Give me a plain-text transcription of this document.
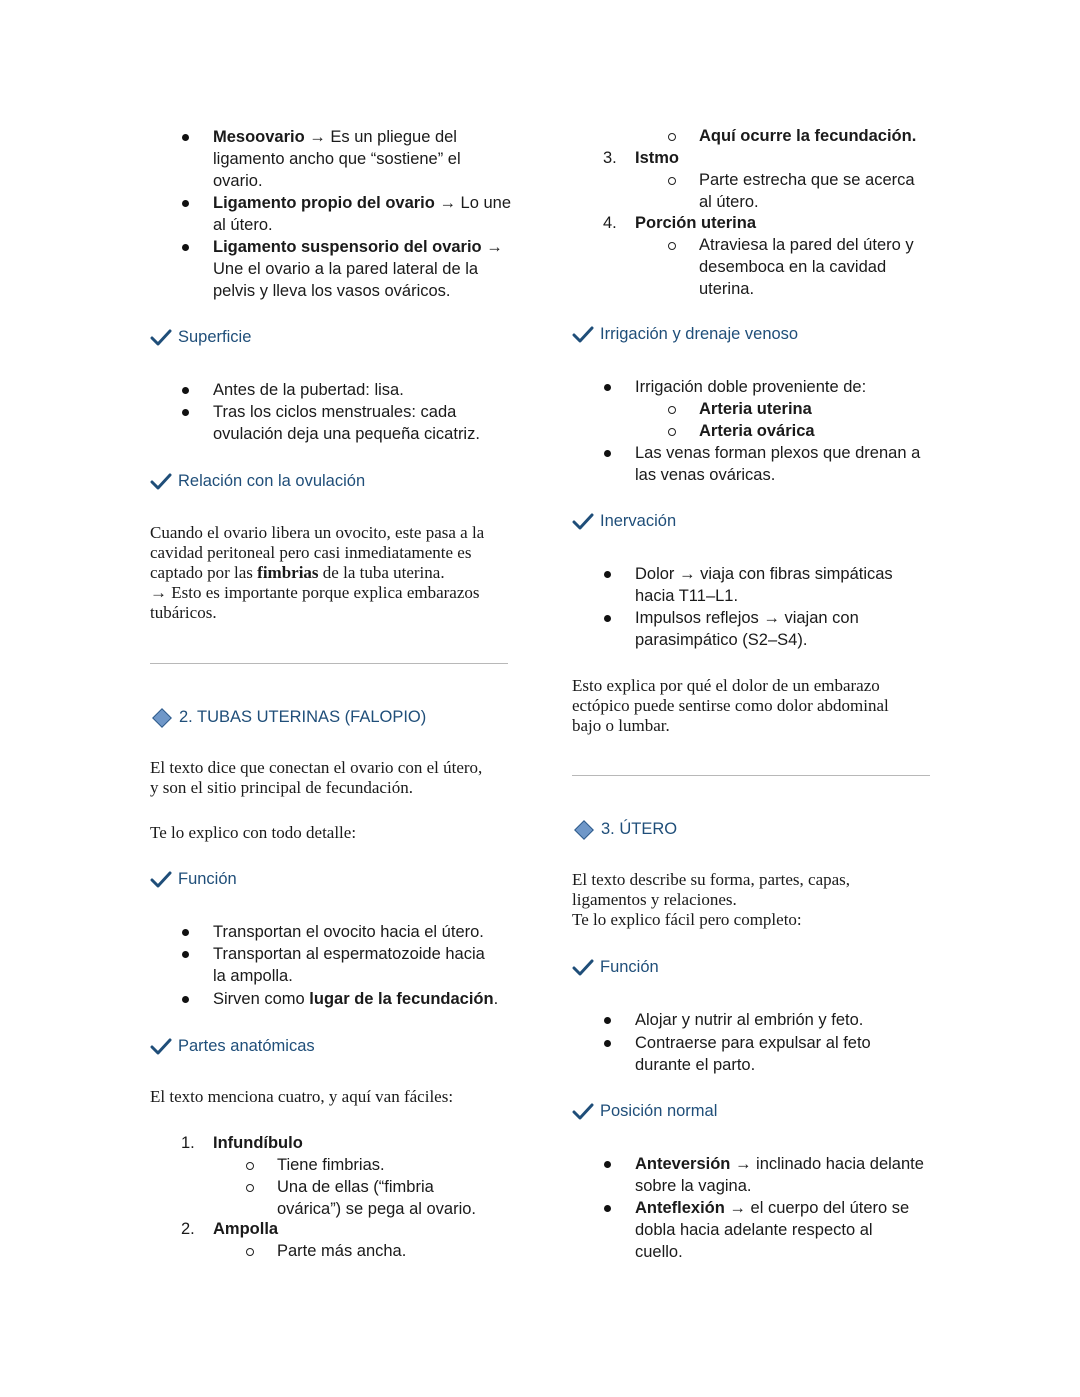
Mesoovario → Es un pliegue del
ligamento ancho que “sostiene” el
ovario.
Ligamento propio del ovario → Lo une
al útero.
Ligamento suspensorio del ovario →
Une el ovario a la pared lateral de la
pelvis y lleva los vasos ováricos.
Superficie
Antes de la pubertad: lisa.
Tras los ciclos menstruales: cada
ovulación deja una pequeña cicatriz.
Relación con la ovulación
Cuando el ovario libera un ovocito, este pasa a la
cavidad peritoneal pero casi inmediatamente es
captado por las fimbrias de la tuba uterina.
→ Esto es importante porque explica embarazos
tubáricos.
2. TUBAS UTERINAS (FALOPIO)
El texto dice que conectan el ovario con el útero,
y son el sitio principal de fecundación.
Te lo explico con todo detalle:
Función
Transportan el ovocito hacia el útero.
Transportan al espermatozoide hacia
la ampolla.
Sirven como lugar de la fecundación.
Partes anatómicas
El texto menciona cuatro, y aquí van fáciles:
1. Infundíbulo
Tiene fimbrias.
Una de ellas (“fimbria
ovárica”) se pega al ovario.
2. Ampolla
Parte más ancha.
Aquí ocurre la fecundación.
3. Istmo
Parte estrecha que se acerca
al útero.
4. Porción uterina
Atraviesa la pared del útero y
desemboca en la cavidad
uterina.
Irrigación y drenaje venoso
Irrigación doble proveniente de:
Arteria uterina
Arteria ovárica
Las venas forman plexos que drenan a
las venas ováricas.
Inervación
Dolor → viaja con fibras simpáticas
hacia T11–L1.
Impulsos reflejos → viajan con
parasimpático (S2–S4).
Esto explica por qué el dolor de un embarazo
ectópico puede sentirse como dolor abdominal
bajo o lumbar.
3. ÚTERO
El texto describe su forma, partes, capas,
ligamentos y relaciones.
Te lo explico fácil pero completo:
Función
Alojar y nutrir al embrión y feto.
Contraerse para expulsar al feto
durante el parto.
Posición normal
Anteversión → inclinado hacia delante
sobre la vagina.
Anteflexión → el cuerpo del útero se
dobla hacia adelante respecto al
cuello.
